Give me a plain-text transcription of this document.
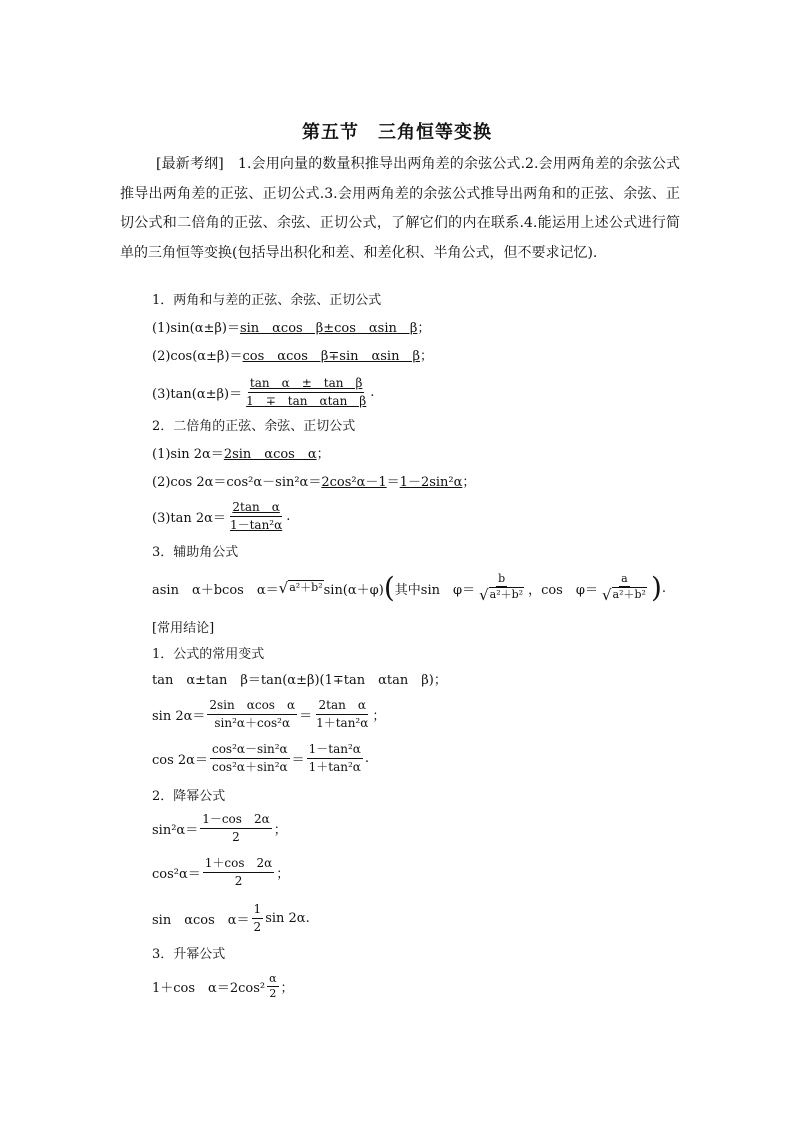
第五节　三角恒等变换
[最新考纲]　1.会用向量的数量积推导出两角差的余弦公式.2.会用两角差的余弦公式推导出两角差的正弦、正切公式.3.会用两角差的余弦公式推导出两角和的正弦、余弦、正切公式和二倍角的正弦、余弦、正切公式，了解它们的内在联系.4.能运用上述公式进行简单的三角恒等变换(包括导出积化和差、和差化积、半角公式，但不要求记忆).
1．两角和与差的正弦、余弦、正切公式
(1)sin(α±β)＝ sin　αcos　β±cos　αsin　β ；
(2)cos(α±β)＝ cos　αcos　β∓sin　αsin　β ；
$(3)\tan(\alpha\pm\beta)= \frac{\text{tan　α　±　tan　β}}{\text{1　∓　tan　αtan　β}}$ .
2．二倍角的正弦、余弦、正切公式
(1)sin 2α＝ 2sin　αcos　α ；
(2)cos 2α＝cos²α－sin²α＝ 2cos²α－1 ＝ 1－2sin²α ；
(3)tan $2\alpha= \frac{\text{2tan　α}}{\text{1－tan²α}}$ .
3．辅助角公式
asin　α＋bcos　α＝ √ a²＋b² sin(α＋φ) ( 其中sin　$\varphi= \frac{b}{\text{√ a²＋b²}}$ ，cos　$\varphi= \frac{a}{\text{√ a²＋b²}}$ ) .
[常用结论]
1．公式的常用变式
tan　α±tan　β＝tan(α±β)(1∓tan　αtan　β)；
$\sin 2\alpha= \frac{\text{2sin　αcos　α}}{\text{sin²α＋cos²α}} = \frac{\text{2tan　α}}{\text{1＋tan²α}}$ ；
$\cos 2\alpha= \frac{\text{cos²α－sin²α}}{\text{cos²α＋sin²α}} = \frac{\text{1－tan²α}}{\text{1＋tan²α}}$ .
2．降幂公式
$\sin^2\alpha= \frac{1-\cos 2\alpha}{2}$ ；
$\cos^2\alpha= \frac{1+\cos 2\alpha}{2}$ ；
sin　αcos　$\alpha= \frac{1}{2}$ sin 2α.
3．升幂公式
1＋cos　$\alpha=2\cos^2 \frac{\alpha}{2}$ ；
